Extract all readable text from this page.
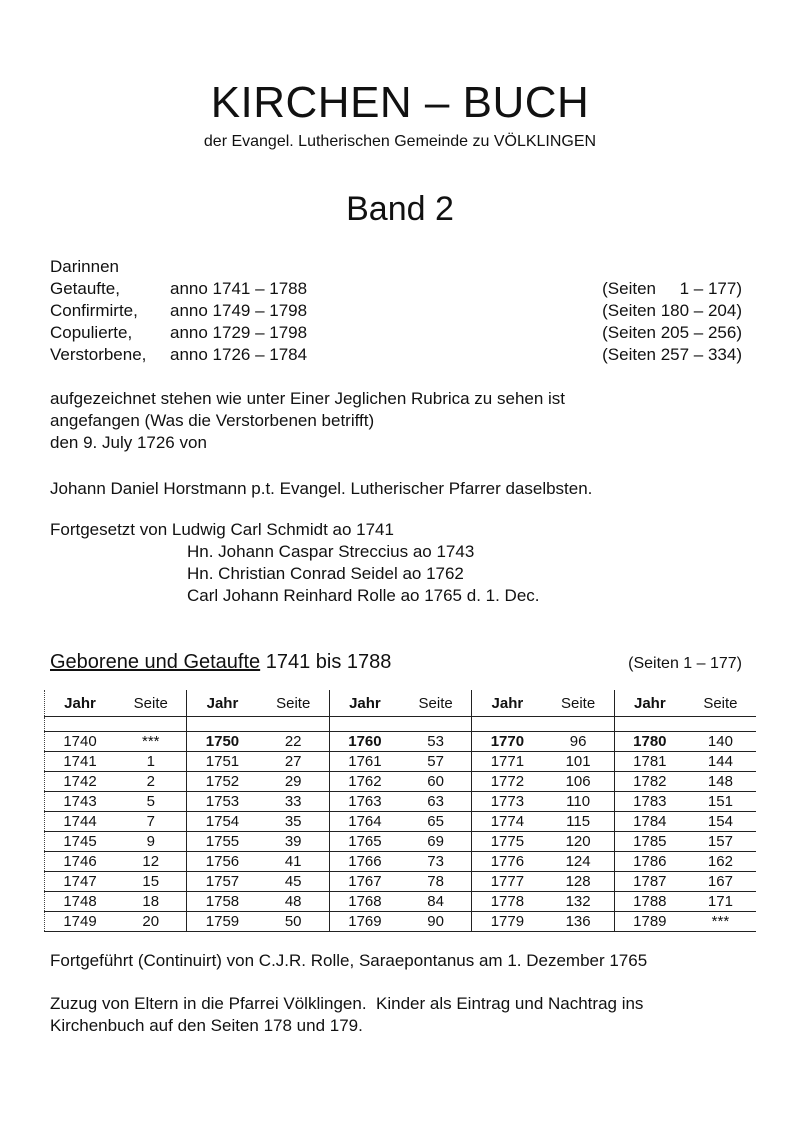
KIRCHEN – BUCH
der Evangel. Lutherischen Gemeinde zu VÖLKLINGEN
Band 2
Darinnen
Getaufte,	anno 1741 – 1788	(Seiten     1 – 177)
Confirmirte,	anno 1749 – 1798	(Seiten 180 – 204)
Copulierte,	anno 1729 – 1798	(Seiten 205 – 256)
Verstorbene,	anno 1726 – 1784	(Seiten 257 – 334)
aufgezeichnet stehen wie unter Einer Jeglichen Rubrica zu sehen ist
angefangen (Was die Verstorbenen betrifft)
den 9. July 1726 von
Johann Daniel Horstmann p.t. Evangel. Lutherischer Pfarrer daselbsten.
Fortgesetzt von Ludwig Carl Schmidt ao 1741
Hn. Johann Caspar Streccius ao 1743
Hn. Christian Conrad Seidel ao 1762
Carl Johann Reinhard Rolle ao 1765 d. 1. Dec.
Geborene und Getaufte 1741 bis 1788	(Seiten 1 – 177)
Jahr	Seite	Jahr	Seite	Jahr	Seite	Jahr	Seite	Jahr	Seite

1740	***	1750	22	1760	53	1770	96	1780	140
1741	1	1751	27	1761	57	1771	101	1781	144
1742	2	1752	29	1762	60	1772	106	1782	148
1743	5	1753	33	1763	63	1773	110	1783	151
1744	7	1754	35	1764	65	1774	115	1784	154
1745	9	1755	39	1765	69	1775	120	1785	157
1746	12	1756	41	1766	73	1776	124	1786	162
1747	15	1757	45	1767	78	1777	128	1787	167
1748	18	1758	48	1768	84	1778	132	1788	171
1749	20	1759	50	1769	90	1779	136	1789	***
Fortgeführt (Continuirt) von C.J.R. Rolle, Saraepontanus am 1. Dezember 1765
Zuzug von Eltern in die Pfarrei Völklingen.  Kinder als Eintrag und Nachtrag ins
Kirchenbuch auf den Seiten 178 und 179.
